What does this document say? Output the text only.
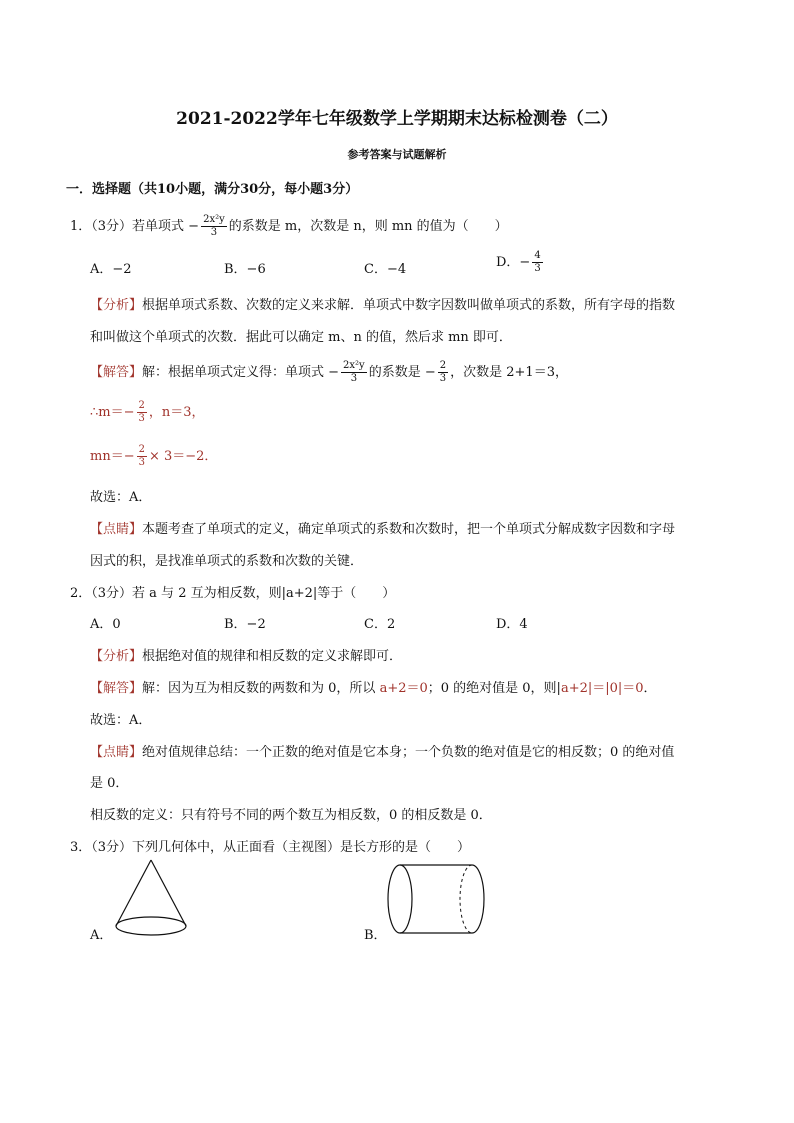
2021-2022学年七年级数学上学期期末达标检测卷（二）
参考答案与试题解析
一．选择题（共10小题，满分30分，每小题3分）
1．（3分）若单项式 − $\frac{\text{2x²y}}{3}$ 的系数是 m，次数是 n，则 mn 的值为（　　）
A．−2	B．−6	C．−4	D．− $\frac{4}{3}$
【分析】根据单项式系数、次数的定义来求解．单项式中数字因数叫做单项式的系数，所有字母的指数
和叫做这个单项式的次数．据此可以确定 m、n 的值，然后求 mn 即可．
【解答】解：根据单项式定义得：单项式 − $\frac{\text{2x²y}}{3}$ 的系数是 − $\frac{2}{3}$ ，次数是 2+1＝3，
∴m＝− $\frac{2}{3}$ ，n＝3，
$mn=- \frac{2}{3} \times 3=-2$．
故选：A．
【点睛】本题考查了单项式的定义，确定单项式的系数和次数时，把一个单项式分解成数字因数和字母
因式的积，是找准单项式的系数和次数的关键．
2．（3分）若 a 与 2 互为相反数，则|a+2|等于（　　）
A．0	B．−2	C．2	D．4
【分析】根据绝对值的规律和相反数的定义求解即可．
【解答】解：因为互为相反数的两数和为 0，所以 a+2＝0；0 的绝对值是 0，则|a+2|＝|0|＝0．
故选：A．
【点睛】绝对值规律总结：一个正数的绝对值是它本身；一个负数的绝对值是它的相反数；0 的绝对值
是 0．
相反数的定义：只有符号不同的两个数互为相反数，0 的相反数是 0．
3．（3分）下列几何体中，从正面看（主视图）是长方形的是（　　）
A．	B．
